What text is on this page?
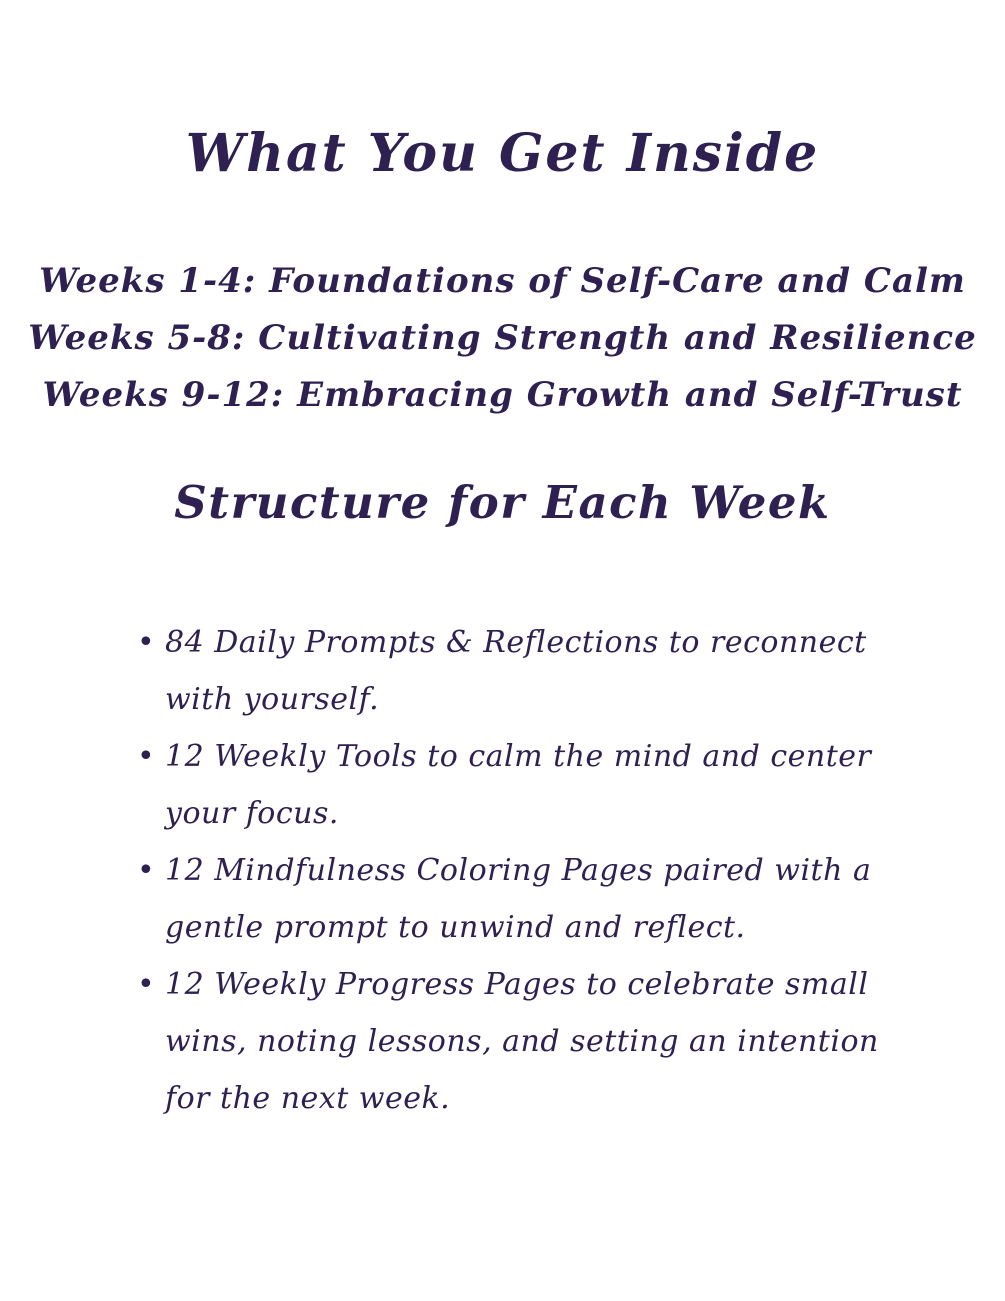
What You Get Inside
Weeks 1-4: Foundations of Self-Care and Calm
Weeks 5-8: Cultivating Strength and Resilience
Weeks 9-12: Embracing Growth and Self-Trust
Structure for Each Week
• 84 Daily Prompts & Reflections to reconnect with yourself.
• 12 Weekly Tools to calm the mind and center your focus.
• 12 Mindfulness Coloring Pages paired with a gentle prompt to unwind and reflect.
• 12 Weekly Progress Pages to celebrate small wins, noting lessons, and setting an intention for the next week.
